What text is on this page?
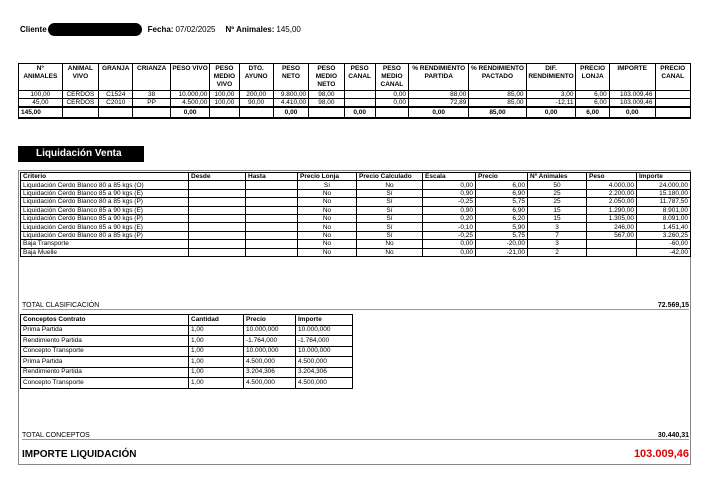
Cliente	Fecha: 07/02/2025 Nº Animales: 145,00
Nº ANIMALES	ANIMAL VIVO	GRANJA	CRIANZA	PESO VIVO	PESO MEDIO VIVO	DTO. AYUNO	PESO NETO	PESO MEDIO NETO	PESO CANAL	PESO MEDIO CANAL	% RENDIMIENTO PARTIDA	% RENDIMIENTO PACTADO	DIF. RENDIMIENTO	PRECIO LONJA	IMPORTE	PRECIO CANAL
100,00	CERDOS	C1524	38	10.000,00	100,00	200,00	9.800,00	98,00		0,00	88,00	85,00	3,00	6,00	103.009,46	
45,00	CERDOS	C2010	PP	4.500,00	100,00	90,00	4.410,00	98,00		0,00	72,89	85,00	-12,11	6,00	103.009,46	
145,00				0,00			0,00		0,00		0,00	85,00	0,00	6,00	0,00	
Liquidación Venta
Criterio	Desde	Hasta	Precio Lonja	Precio Calculado	Escala	Precio	Nº Animales	Peso	Importe
Liquidación Cerdo Blanco 80 a 85 kgs (O)			Sí	No	0,00	6,00	50	4.000,00	24.000,00
Liquidación Cerdo Blanco 85 a 90 kgs (E)			No	Sí	0,90	6,90	25	2.200,00	15.180,00
Liquidación Cerdo Blanco 80 a 85 kgs (P)			No	Sí	-0,25	5,75	25	2.050,00	11.787,50
Liquidación Cerdo Blanco 85 a 90 kgs (E)			No	Sí	0,90	6,90	15	1.290,00	8.901,00
Liquidación Cerdo Blanco 85 a 90 kgs (P)			No	Sí	0,20	6,20	15	1.305,00	8.091,00
Liquidación Cerdo Blanco 85 a 90 kgs (E)			No	Sí	-0,10	5,90	3	246,00	1.451,40
Liquidación Cerdo Blanco 80 a 85 kgs (P)			No	Sí	-0,25	5,75	7	567,00	3.260,25
Baja Transporte			No	No	0,00	-20,00	3		-60,00
Baja Muelle			No	No	0,00	-21,00	2		-42,00
TOTAL CLASIFICACIÓN	72.569,15
Conceptos Contrato	Cantidad	Precio	Importe
Prima Partida	1,00	10.000,000	10.000,000
Rendimiento Partida	1,00	-1.764,000	-1.764,000
Concepto Transporte	1,00	10.000,000	10.000,000
Prima Partida	1,00	4.500,000	4.500,000
Rendimiento Partida	1,00	3.204,306	3.204,306
Concepto Transporte	1,00	4.500,000	4.500,000
TOTAL CONCEPTOS	30.440,31
IMPORTE LIQUIDACIÓN	103.009,46
